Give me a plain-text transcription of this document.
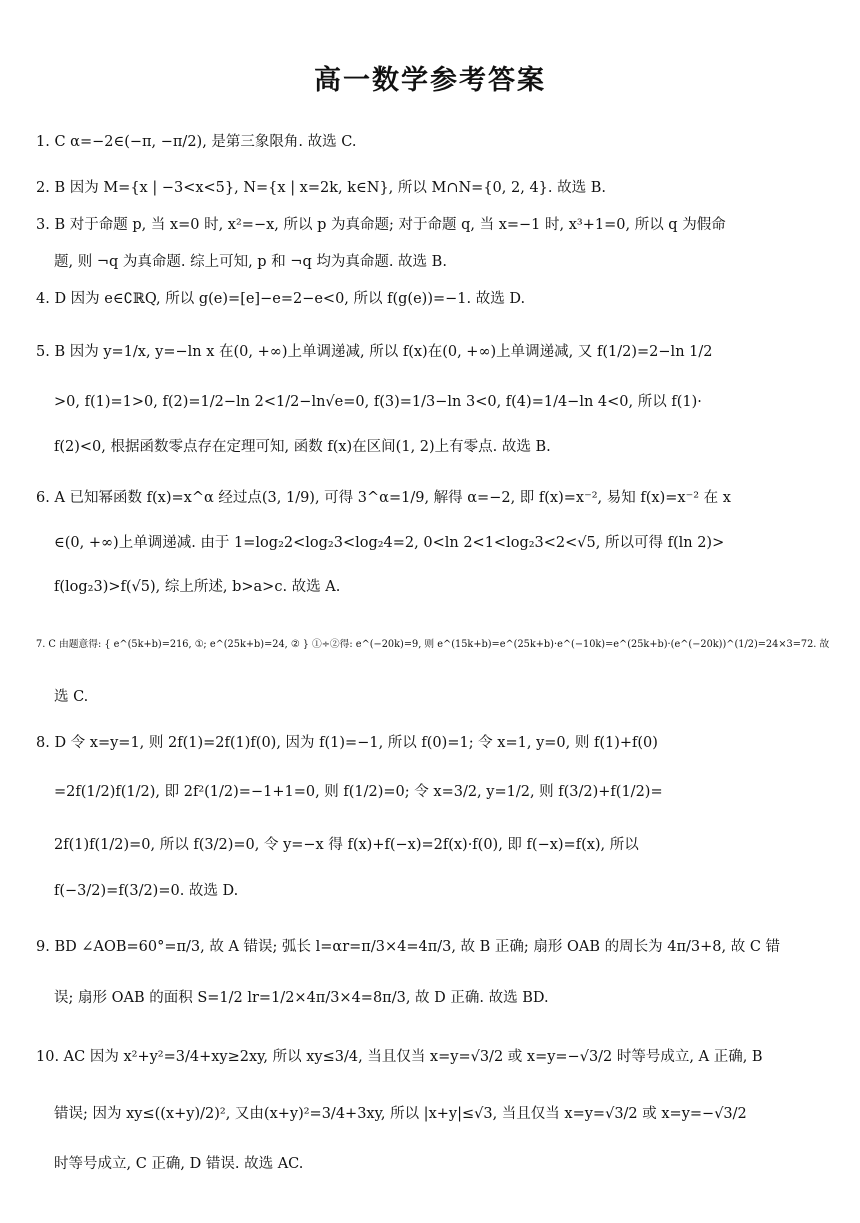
高一数学参考答案
1. C α=−2∈(−π, −π/2), 是第三象限角. 故选 C.
2. B 因为 M={x | −3<x<5}, N={x | x=2k, k∈N}, 所以 M∩N={0, 2, 4}. 故选 B.
3. B 对于命题 p, 当 x=0 时, x²=−x, 所以 p 为真命题; 对于命题 q, 当 x=−1 时, x³+1=0, 所以 q 为假命
题, 则 ¬q 为真命题. 综上可知, p 和 ¬q 均为真命题. 故选 B.
4. D 因为 e∈∁ℝQ, 所以 g(e)=[e]−e=2−e<0, 所以 f(g(e))=−1. 故选 D.
5. B 因为 y=1/x, y=−ln x 在(0, +∞)上单调递减, 所以 f(x)在(0, +∞)上单调递减, 又 f(1/2)=2−ln 1/2
>0, f(1)=1>0, f(2)=1/2−ln 2<1/2−ln√e=0, f(3)=1/3−ln 3<0, f(4)=1/4−ln 4<0, 所以 f(1)·
f(2)<0, 根据函数零点存在定理可知, 函数 f(x)在区间(1, 2)上有零点. 故选 B.
6. A 已知幂函数 f(x)=x^α 经过点(3, 1/9), 可得 3^α=1/9, 解得 α=−2, 即 f(x)=x⁻², 易知 f(x)=x⁻² 在 x
∈(0, +∞)上单调递减. 由于 1=log₂2<log₂3<log₂4=2, 0<ln 2<1<log₂3<2<√5, 所以可得 f(ln 2)>
f(log₂3)>f(√5), 综上所述, b>a>c. 故选 A.
7. C 由题意得: { e^(5k+b)=216, ①; e^(25k+b)=24, ② } ①÷②得: e^(−20k)=9, 则 e^(15k+b)=e^(25k+b)·e^(−10k)=e^(25k+b)·(e^(−20k))^(1/2)=24×3=72. 故
选 C.
8. D 令 x=y=1, 则 2f(1)=2f(1)f(0), 因为 f(1)=−1, 所以 f(0)=1; 令 x=1, y=0, 则 f(1)+f(0)
=2f(1/2)f(1/2), 即 2f²(1/2)=−1+1=0, 则 f(1/2)=0; 令 x=3/2, y=1/2, 则 f(3/2)+f(1/2)=
2f(1)f(1/2)=0, 所以 f(3/2)=0, 令 y=−x 得 f(x)+f(−x)=2f(x)·f(0), 即 f(−x)=f(x), 所以
f(−3/2)=f(3/2)=0. 故选 D.
9. BD ∠AOB=60°=π/3, 故 A 错误; 弧长 l=αr=π/3×4=4π/3, 故 B 正确; 扇形 OAB 的周长为 4π/3+8, 故 C 错
误; 扇形 OAB 的面积 S=1/2 lr=1/2×4π/3×4=8π/3, 故 D 正确. 故选 BD.
10. AC 因为 x²+y²=3/4+xy≥2xy, 所以 xy≤3/4, 当且仅当 x=y=√3/2 或 x=y=−√3/2 时等号成立, A 正确, B
错误; 因为 xy≤((x+y)/2)², 又由(x+y)²=3/4+3xy, 所以 |x+y|≤√3, 当且仅当 x=y=√3/2 或 x=y=−√3/2
时等号成立, C 正确, D 错误. 故选 AC.
